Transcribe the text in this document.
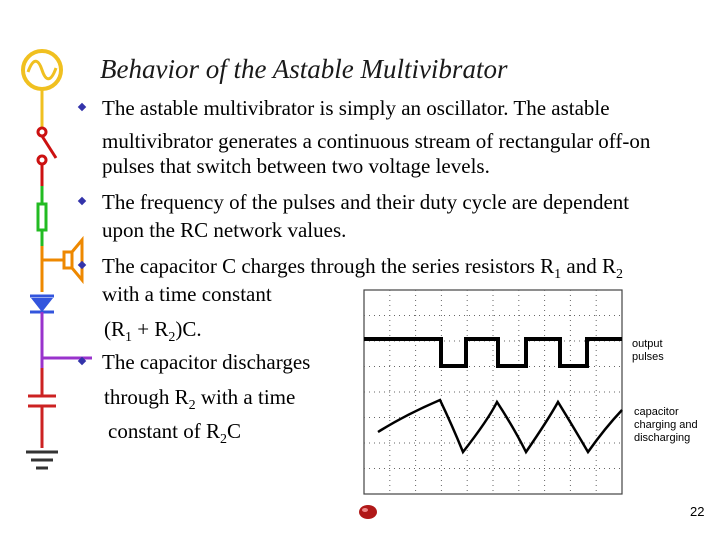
Behavior of the Astable Multivibrator
The astable multivibrator is simply an oscillator. The astable
multivibrator generates a continuous stream of rectangular off-on
pulses that switch between two voltage levels.
The frequency of the pulses and their duty cycle are dependent
upon the RC network values.
The capacitor C charges through the series resistors $R_1$ and $R_2$
with a time constant
$(R_1 + R_2)C$.
The capacitor discharges
through $R_2$ with a time
constant of $R_2C$
output
pulses
capacitor
charging and
discharging
22
